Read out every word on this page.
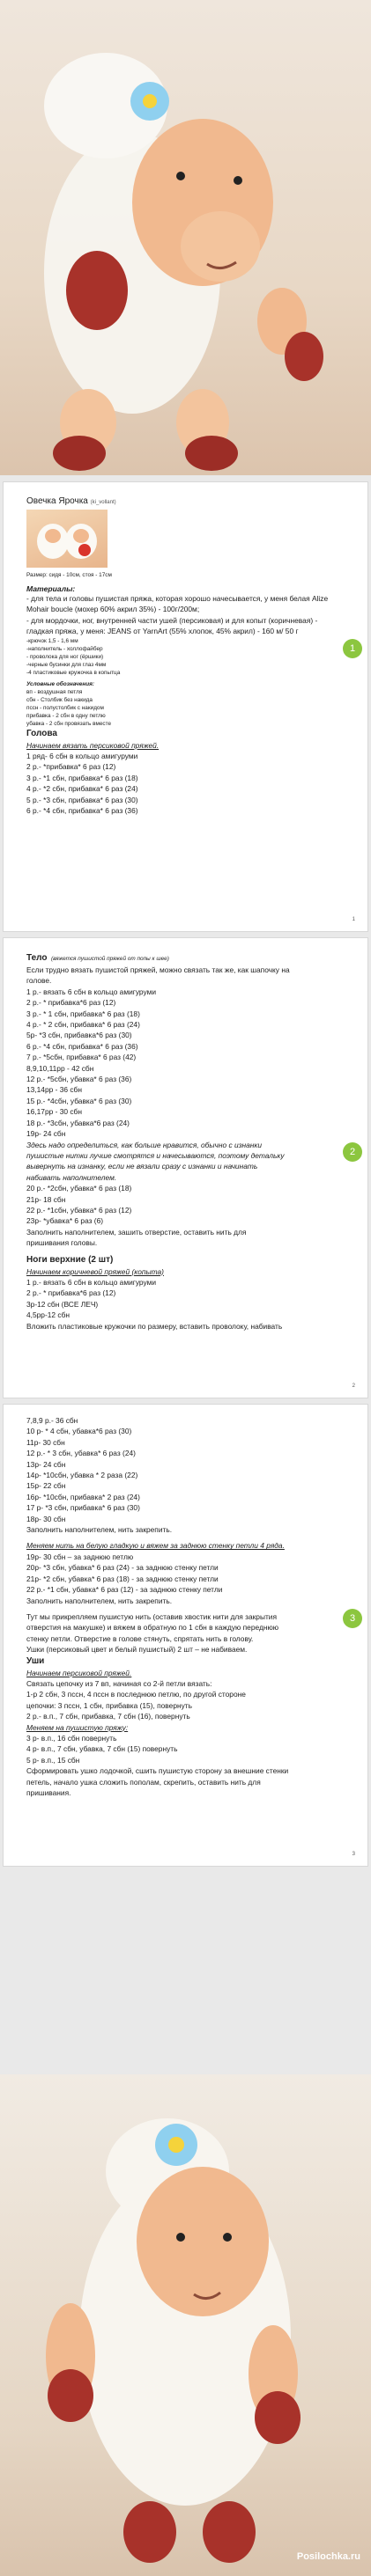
Овечка Ярочка (ki_vollant)
Размер: сидя - 10см, стоя - 17см
Материалы:
- для тела и головы пушистая пряжа, которая хорошо начесывается, у меня белая Alize Mohair boucle (мохер 60% акрил 35%) - 100г/200м;
- для мордочки, ног, внутренней части ушей (персиковая) и для копыт (коричневая) - гладкая пряжа, у меня: JEANS от YarnArt (55% хлопок, 45% акрил) - 160 м/ 50 г
-крючок 1,5 - 1,6 мм
-наполнитель - холлофайбер
- проволока для ног (ёршики)
-черные бусинки для глаз 4мм
-4 пластиковые кружочка в копытца
Условные обозначения:
вп - воздушная петля
сбн - Столбик без накида
пссн - полустолбик с накидом
прибавка - 2 сбн в одну петлю
убавка - 2 сбн провязать вместе
Голова
Начинаем вязать персиковой пряжей.
1 ряд- 6 сбн в кольцо амигуруми
2 р.- *прибавка* 6 раз (12)
3 р.- *1 сбн, прибавка* 6 раз (18)
4 р.- *2 сбн, прибавка* 6 раз (24)
5 р.- *3 сбн, прибавка* 6 раз (30)
6 р.- *4 сбн, прибавка* 6 раз (36)
1
1
Тело (вяжется пушистой пряжей от попы к шее)
Если трудно вязать пушистой пряжей, можно связать так же, как шапочку на
голове.
1 р.- вязать 6 сбн в кольцо амигуруми
2 р.- * прибавка*6 раз (12)
3 р.- * 1 сбн, прибавка* 6 раз (18)
4 р.- * 2 сбн, прибавка* 6 раз (24)
5р- *3 сбн, прибавка*6 раз (30)
6 р.- *4 сбн, прибавка* 6 раз (36)
7 р.- *5сбн, прибавка* 6 раз (42)
8,9,10,11рр - 42 сбн
12 р.- *5сбн, убавка* 6 раз (36)
13,14рр - 36 сбн
15 р.- *4сбн, убавка* 6 раз (30)
16,17рр - 30 сбн
18 р.- *3сбн, убавка*6 раз (24)
19р- 24 сбн
Здесь надо определиться, как больше нравится, обычно с изнанки
пушистые нитки лучше смотрятся и начесываются, поэтому детальку
вывернуть на изнанку, если не вязали сразу с изнанки и начинать
набивать наполнителем.
20 р.- *2сбн, убавка* 6 раз (18)
21р- 18 сбн
22 р.- *1сбн, убавка* 6 раз (12)
23р- *убавка* 6 раз (6)
Заполнить наполнителем, зашить отверстие, оставить нить для
пришивания головы.
Ноги верхние (2 шт)
Начинаем коричневой пряжей (копыта)
1 р.- вязать 6 сбн в кольцо амигуруми
2 р.- * прибавка*6 раз (12)
3р-12 сбн (ВСЕ ЛЕЧ)
4,5рр-12 сбн
Вложить пластиковые кружочки по размеру, вставить проволоку, набивать
2
2
7,8,9 р.- 36 сбн
10 р- * 4 сбн, убавка*6 раз (30)
11р- 30 сбн
12 р.- * 3 сбн, убавка* 6 раз (24)
13р- 24 сбн
14р- *10сбн, убавка * 2 раза (22)
15р- 22 сбн
16р- *10сбн, прибавка* 2 раз (24)
17 р- *3 сбн, прибавка* 6 раз (30)
18р- 30 сбн
Заполнить наполнителем, нить закрепить.
Меняем нить на белую гладкую и вяжем за заднюю стенку петли 4 ряда.
19р- 30 сбн – за заднюю петлю
20р- *3 сбн, убавка* 6 раз (24) - за заднюю стенку петли
21р- *2 сбн, убавка* 6 раз (18) - за заднюю стенку петли
22 р.- *1 сбн, убавка* 6 раз (12) - за заднюю стенку петли
Заполнить наполнителем, нить закрепить.
Тут мы прикрепляем пушистую нить (оставив хвостик нити для закрытия
отверстия на макушке) и вяжем в обратную по 1 сбн в каждую переднюю
стенку петли. Отверстие в голове стянуть, спрятать нить в голову.
Ушки (персиковый цвет и белый пушистый) 2 шт – не набиваем.
Уши
Начинаем персиковой пряжей.
Связать цепочку из 7 вп, начиная со 2-й петли вязать:
1-р 2 сбн, 3 пссн, 4 пссн в последнюю петлю, по другой стороне
цепочки: 3 пссн, 1 сбн, прибавка (15), повернуть
2 р.- в.п., 7 сбн, прибавка, 7 сбн (16), повернуть
Меняем на пушистую пряжу:
3 р- в.п., 16 сбн повернуть
4 р- в.п., 7 сбн, убавка, 7 сбн (15) повернуть
5 р- в.п., 15 сбн
Сформировать ушко лодочкой, сшить пушистую сторону за внешние стенки
петель, начало ушка сложить пополам, скрепить, оставить нить для
пришивания.
3
3
Posilochka.ru
